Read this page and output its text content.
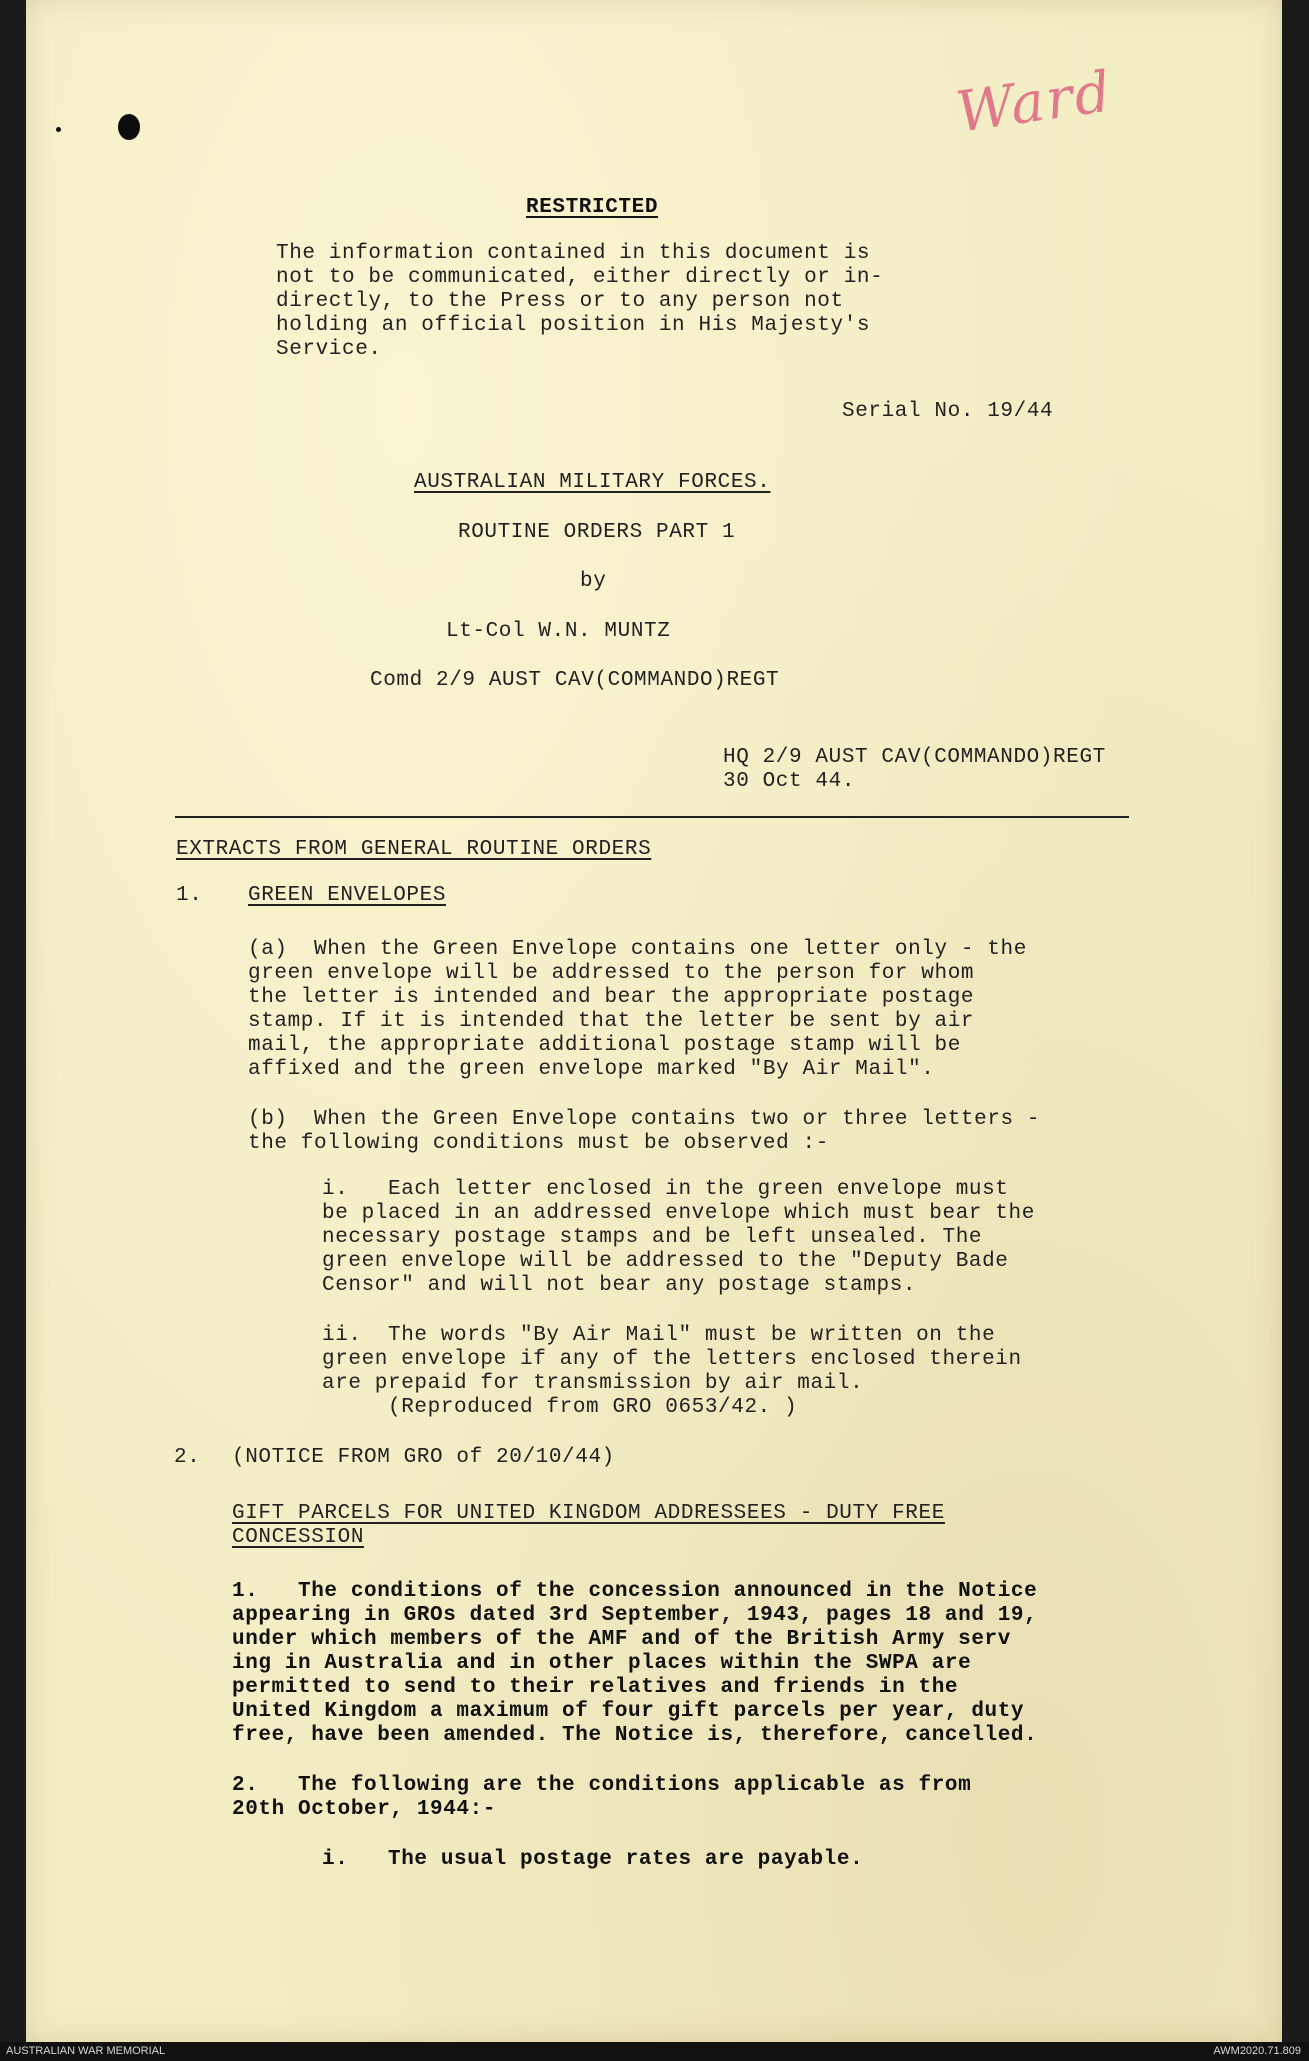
Ward
RESTRICTED
The information contained in this document is
not to be communicated, either directly or in-
directly, to the Press or to any person not
holding an official position in His Majesty's
Service.
Serial No. 19/44
AUSTRALIAN MILITARY FORCES.
ROUTINE ORDERS PART 1
by
Lt-Col W.N. MUNTZ
Comd 2/9 AUST CAV(COMMANDO)REGT
HQ 2/9 AUST CAV(COMMANDO)REGT
30 Oct 44.
EXTRACTS FROM GENERAL ROUTINE ORDERS
1. GREEN ENVELOPES
(a)  When the Green Envelope contains one letter only - the
green envelope will be addressed to the person for whom
the letter is intended and bear the appropriate postage
stamp. If it is intended that the letter be sent by air
mail, the appropriate additional postage stamp will be
affixed and the green envelope marked "By Air Mail".
(b)  When the Green Envelope contains two or three letters -
the following conditions must be observed :-
i.   Each letter enclosed in the green envelope must
be placed in an addressed envelope which must bear the
necessary postage stamps and be left unsealed. The
green envelope will be addressed to the "Deputy Bade
Censor" and will not bear any postage stamps.
ii.  The words "By Air Mail" must be written on the
green envelope if any of the letters enclosed therein
are prepaid for transmission by air mail.
(Reproduced from GRO 0653/42. )
2. (NOTICE FROM GRO of 20/10/44)
GIFT PARCELS FOR UNITED KINGDOM ADDRESSEES - DUTY FREE
CONCESSION
1.   The conditions of the concession announced in the Notice
appearing in GROs dated 3rd September, 1943, pages 18 and 19,
under which members of the AMF and of the British Army serv
ing in Australia and in other places within the SWPA are
permitted to send to their relatives and friends in the
United Kingdom a maximum of four gift parcels per year, duty
free, have been amended. The Notice is, therefore, cancelled.
2.   The following are the conditions applicable as from
20th October, 1944:-
i.   The usual postage rates are payable.
AUSTRALIAN WAR MEMORIAL	AWM2020.71.809
